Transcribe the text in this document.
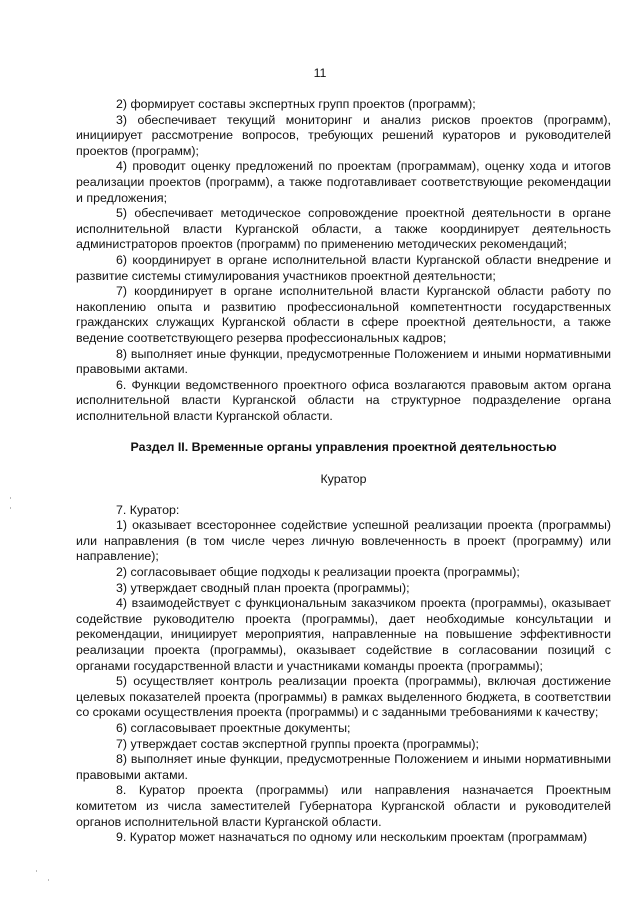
11

2) формирует составы экспертных групп проектов (программ);

3) обеспечивает текущий мониторинг и анализ рисков проектов (программ), инициирует рассмотрение вопросов, требующих решений кураторов и руководителей проектов (программ);

4) проводит оценку предложений по проектам (программам), оценку хода и итогов реализации проектов (программ), а также подготавливает соответствующие рекомендации и предложения;

5) обеспечивает методическое сопровождение проектной деятельности в органе исполнительной власти Курганской области, а также координирует деятельность администраторов проектов (программ) по применению методических рекомендаций;

6) координирует в органе исполнительной власти Курганской области внедрение и развитие системы стимулирования участников проектной деятельности;

7) координирует в органе исполнительной власти Курганской области работу по накоплению опыта и развитию профессиональной компетентности государственных гражданских служащих Курганской области в сфере проектной деятельности, а также ведение соответствующего резерва профессиональных кадров;

8) выполняет иные функции, предусмотренные Положением и иными нормативными правовыми актами.

6. Функции ведомственного проектного офиса возлагаются правовым актом органа исполнительной власти Курганской области на структурное подразделение органа исполнительной власти Курганской области.

Раздел II. Временные органы управления проектной деятельностью

Куратор

7. Куратор:

1) оказывает всестороннее содействие успешной реализации проекта (программы) или направления (в том числе через личную вовлеченность в проект (программу) или направление);

2) согласовывает общие подходы к реализации проекта (программы);

3) утверждает сводный план проекта (программы);

4) взаимодействует с функциональным заказчиком проекта (программы), оказывает содействие руководителю проекта (программы), дает необходимые консультации и рекомендации, инициирует мероприятия, направленные на повышение эффективности реализации проекта (программы), оказывает содействие в согласовании позиций с органами государственной власти и участниками команды проекта (программы);

5) осуществляет контроль реализации проекта (программы), включая достижение целевых показателей проекта (программы) в рамках выделенного бюджета, в соответствии со сроками осуществления проекта (программы) и с заданными требованиями к качеству;

6) согласовывает проектные документы;

7) утверждает состав экспертной группы проекта (программы);

8) выполняет иные функции, предусмотренные Положением и иными нормативными правовыми актами.

8. Куратор проекта (программы) или направления назначается Проектным комитетом из числа заместителей Губернатора Курганской области и руководителей органов исполнительной власти Курганской области.

9. Куратор может назначаться по одному или нескольким проектам (программам)
